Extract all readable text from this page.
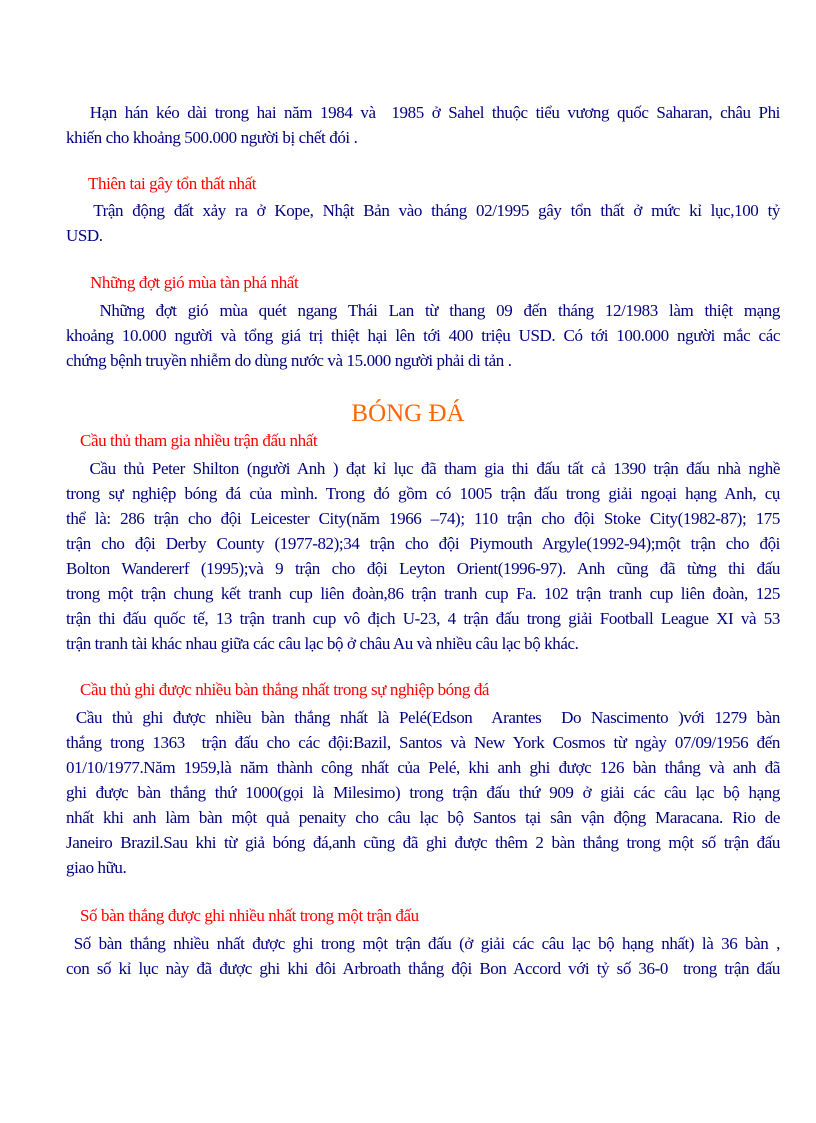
BÓNG ĐÁ
Hạn hán kéo dài trong hai năm 1984 và  1985 ở Sahel thuộc tiểu vương quốc Saharan, châu Phi
khiến cho khoảng 500.000 người bị chết đói .
Thiên tai gây tổn thất nhất
Trận động đất xảy ra ở Kope, Nhật Bản vào tháng 02/1995 gây tổn thất ở mức kỉ lục,100 tỷ
USD.
Những đợt gió mùa tàn phá nhất
Những đợt gió mùa quét ngang Thái Lan từ thang 09 đến tháng 12/1983 làm thiệt mạng
khoảng 10.000 người và tổng giá trị thiệt hại lên tới 400 triệu USD. Có tới 100.000 người mắc các
chứng bệnh truyền nhiễm do dùng nước và 15.000 người phải di tản .
Cầu thủ tham gia nhiều trận đấu nhất
Cầu thủ Peter Shilton (người Anh ) đạt kỉ lục đã tham gia thi đấu tất cả 1390 trận đấu nhà nghề
trong sự nghiệp bóng đá của mình. Trong đó gồm có 1005 trận đấu trong giải ngoại hạng Anh, cụ
thể là: 286 trận cho đội Leicester City(năm 1966 –74); 110 trận cho đội Stoke City(1982-87); 175
trận cho đội Derby County (1977-82);34 trận cho đội Piymouth Argyle(1992-94);một trận cho đội
Bolton Wandererf (1995);và 9 trận cho đội Leyton Orient(1996-97). Anh cũng đã từng thi đấu
trong một trận chung kết tranh cup liên đoàn,86 trận tranh cup Fa. 102 trận tranh cup liên đoàn, 125
trận thi đấu quốc tế, 13 trận tranh cup vô địch U-23, 4 trận đấu trong giải Football League XI và 53
trận tranh tài khác nhau giữa các câu lạc bộ ở châu Au và nhiều câu lạc bộ khác.
Cầu thủ ghi được nhiều bàn thắng nhất trong sự nghiệp bóng đá
Cầu thủ ghi được nhiều bàn thắng nhất là Pelé(Edson  Arantes  Do Nascimento )với 1279 bàn
thắng trong 1363  trận đấu cho các đội:Bazil, Santos và New York Cosmos từ ngày 07/09/1956 đến
01/10/1977.Năm 1959,là năm thành công nhất của Pelé, khi anh ghi được 126 bàn thắng và anh đã
ghi được bàn thắng thứ 1000(gọi là Milesimo) trong trận đấu thứ 909 ở giải các câu lạc bộ hạng
nhất khi anh làm bàn một quả penaity cho câu lạc bộ Santos tại sân vận động Maracana. Rio de
Janeiro Brazil.Sau khi từ giả bóng đá,anh cũng đã ghi được thêm 2 bàn thắng trong một số trận đấu
giao hữu.
Số bàn thắng được ghi nhiều nhất trong một trận đấu
Số bàn thắng nhiều nhất được ghi trong một trận đấu (ở giải các câu lạc bộ hạng nhất) là 36 bàn ,
con số kỉ lục này đã được ghi khi đôi Arbroath thắng đội Bon Accord với tỷ số 36-0  trong trận đấu
